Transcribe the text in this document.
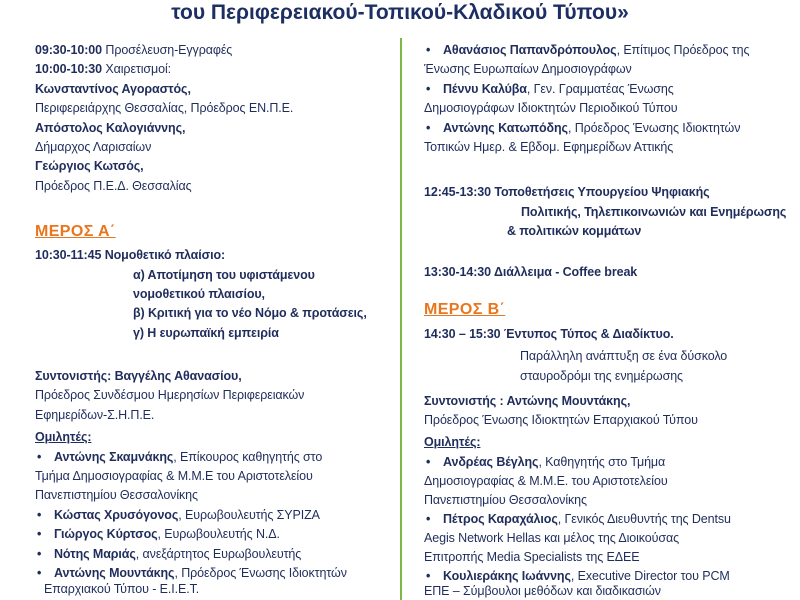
του Περιφερειακού-Τοπικού-Κλαδικού Τύπου»
09:30-10:00 Προσέλευση-Εγγραφές
10:00-10:30 Χαιρετισμοί:
Κωνσταντίνος Αγοραστός,
Περιφερειάρχης Θεσσαλίας, Πρόεδρος ΕΝ.Π.Ε.
Απόστολος Καλογιάννης,
Δήμαρχος Λαρισαίων
Γεώργιος Κωτσός,
Πρόεδρος Π.Ε.Δ. Θεσσαλίας
ΜΕΡΟΣ Α΄
10:30-11:45 Νομοθετικό πλαίσιο:
α) Αποτίμηση του υφιστάμενου
νομοθετικού πλαισίου,
β) Κριτική για το νέο Νόμο & προτάσεις,
γ) Η ευρωπαϊκή εμπειρία
Συντονιστής: Βαγγέλης Αθανασίου,
Πρόεδρος Συνδέσμου Ημερησίων Περιφερειακών
Εφημερίδων-Σ.Η.Π.Ε.
Ομιλητές:
•Αντώνης Σκαμνάκης, Επίκουρος καθηγητής στο
Τμήμα Δημοσιογραφίας & Μ.Μ.Ε του Αριστοτελείου
Πανεπιστημίου Θεσσαλονίκης
•Κώστας Χρυσόγονος, Ευρωβουλευτής ΣΥΡΙΖΑ
•Γιώργος Κύρτσος, Ευρωβουλευτής Ν.Δ.
•Νότης Μαριάς, ανεξάρτητος Ευρωβουλευτής
•Αντώνης Μουντάκης, Πρόεδρος Ένωσης Ιδιοκτητών
Επαρχιακού Τύπου - Ε.Ι.Ε.Τ.
•Αθανάσιος Παπανδρόπουλος, Επίτιμος Πρόεδρος της
Ένωσης Ευρωπαίων Δημοσιογράφων
•Πέννυ Καλύβα, Γεν. Γραμματέας Ένωσης
Δημοσιογράφων Ιδιοκτητών Περιοδικού Τύπου
•Αντώνης Κατωπόδης, Πρόεδρος Ένωσης Ιδιοκτητών
Τοπικών Ημερ. & Εβδομ. Εφημερίδων Αττικής
12:45-13:30 Τοποθετήσεις Υπουργείου Ψηφιακής
Πολιτικής, Τηλεπικοινωνιών και Ενημέρωσης
& πολιτικών κομμάτων
13:30-14:30 Διάλλειμα - Coffee break
ΜΕΡΟΣ Β΄
14:30 – 15:30 Έντυπος Τύπος & Διαδίκτυο.
Παράλληλη ανάπτυξη σε ένα δύσκολο
σταυροδρόμι της ενημέρωσης
Συντονιστής : Αντώνης Μουντάκης,
Πρόεδρος Ένωσης Ιδιοκτητών Επαρχιακού Τύπου
Ομιλητές:
•Ανδρέας Βέγλης, Καθηγητής στο Τμήμα
Δημοσιογραφίας & Μ.Μ.Ε. του Αριστοτελείου
Πανεπιστημίου Θεσσαλονίκης
•Πέτρος Καραχάλιος, Γενικός Διευθυντής της Dentsu
Aegis Network Hellas και μέλος της Διοικούσας
Επιτροπής Media Specialists της ΕΔΕΕ
•Κουλιεράκης Ιωάννης, Executive Director του PCM
ΕΠΕ – Σύμβουλοι μεθόδων και διαδικασιών
